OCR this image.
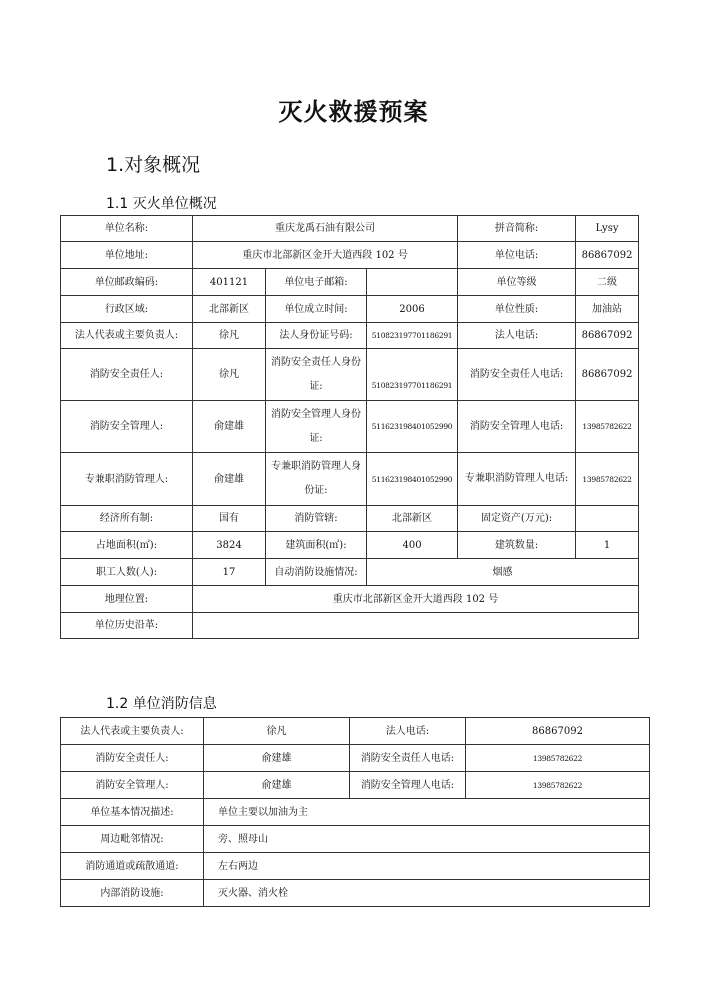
灭火救援预案
1.对象概况
1.1 灭火单位概况
单位名称:	重庆龙禹石油有限公司			拼音简称:	Lysy
单位地址:	重庆市北部新区金开大道西段 102 号			单位电话:	86867092
单位邮政编码:	401121	单位电子邮箱:		单位等级	二级
行政区域:	北部新区	单位成立时间:	2006	单位性质:	加油站
法人代表或主要负责人:	徐凡	法人身份证号码:	510823197701186291	法人电话:	86867092
消防安全责任人:	徐凡	消防安全责任人身份证:	510823197701186291	消防安全责任人电话:	86867092
消防安全管理人:	俞建雄	消防安全管理人身份证:	511623198401052990	消防安全管理人电话:	13985782622
专兼职消防管理人:	俞建雄	专兼职消防管理人身份证:	511623198401052990	专兼职消防管理人电话:	13985782622
经济所有制:	国有	消防管辖:	北部新区	固定资产(万元):	
占地面积(㎡):	3824	建筑面积(㎡):	400	建筑数量:	1
职工人数(人):	17	自动消防设施情况:	烟感		
地理位置:	重庆市北部新区金开大道西段 102 号				
单位历史沿革:					
1.2 单位消防信息
法人代表或主要负责人:	徐凡	法人电话:	86867092
消防安全责任人:	俞建雄	消防安全责任人电话:	13985782622
消防安全管理人:	俞建雄	消防安全管理人电话:	13985782622
单位基本情况描述:	单位主要以加油为主		
周边毗邻情况:	旁、照母山		
消防通道或疏散通道:	左右两边		
内部消防设施:	灭火器、消火栓		
